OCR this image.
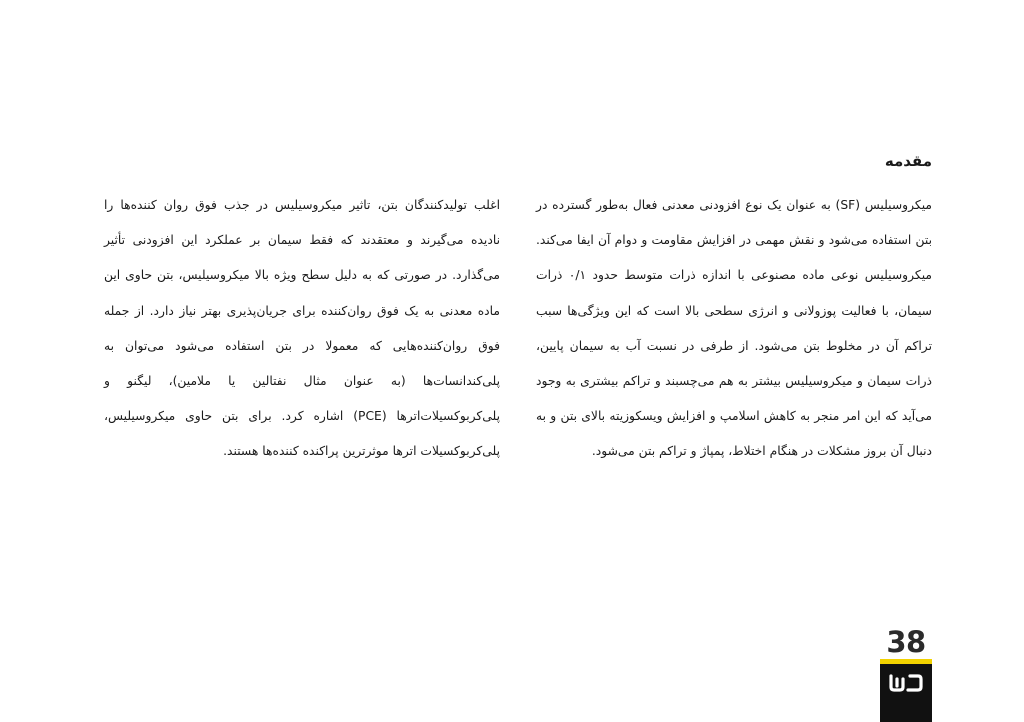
مقدمه

میکروسیلیس (SF) به عنوان یک نوع افزودنی معدنی فعال به‌طور گسترده در بتن استفاده می‌شود و نقش مهمی در افزایش مقاومت و دوام آن ایفا می‌کند. میکروسیلیس نوعی ماده مصنوعی با اندازه ذرات متوسط حدود ۰/۱ ذرات سیمان، با فعالیت پوزولانی و انرژی سطحی بالا است که این ویژگی‌ها سبب تراکم آن در مخلوط بتن می‌شود. از طرفی در نسبت آب به سیمان پایین، ذرات سیمان و میکروسیلیس بیشتر به هم می‌چسبند و تراکم بیشتری به وجود می‌آید که این امر منجر به کاهش اسلامپ و افزایش ویسکوزیته بالای بتن و به دنبال آن بروز مشکلات در هنگام اختلاط، پمپاژ و تراکم بتن می‌شود.

اغلب تولیدکنندگان بتن، تاثیر میکروسیلیس در جذب فوق روان کننده‌ها را نادیده می‌گیرند و معتقدند که فقط سیمان بر عملکرد این افزودنی تأثیر می‌گذارد. در صورتی که به دلیل سطح ویژه بالا میکروسیلیس، بتن حاوی این ماده معدنی به یک فوق روان‌کننده برای جریان‌پذیری بهتر نیاز دارد. از جمله فوق روان‌کننده‌هایی که معمولا در بتن استفاده می‌شود می‌توان به پلی‌کندانسات‌ها (به عنوان مثال نفتالین یا ملامین)، لیگنو و پلی‌کربوکسیلات‌اترها (PCE) اشاره کرد. برای بتن حاوی میکروسیلیس، پلی‌کربوکسیلات اترها موثرترین پراکنده کننده‌ها هستند.

38
